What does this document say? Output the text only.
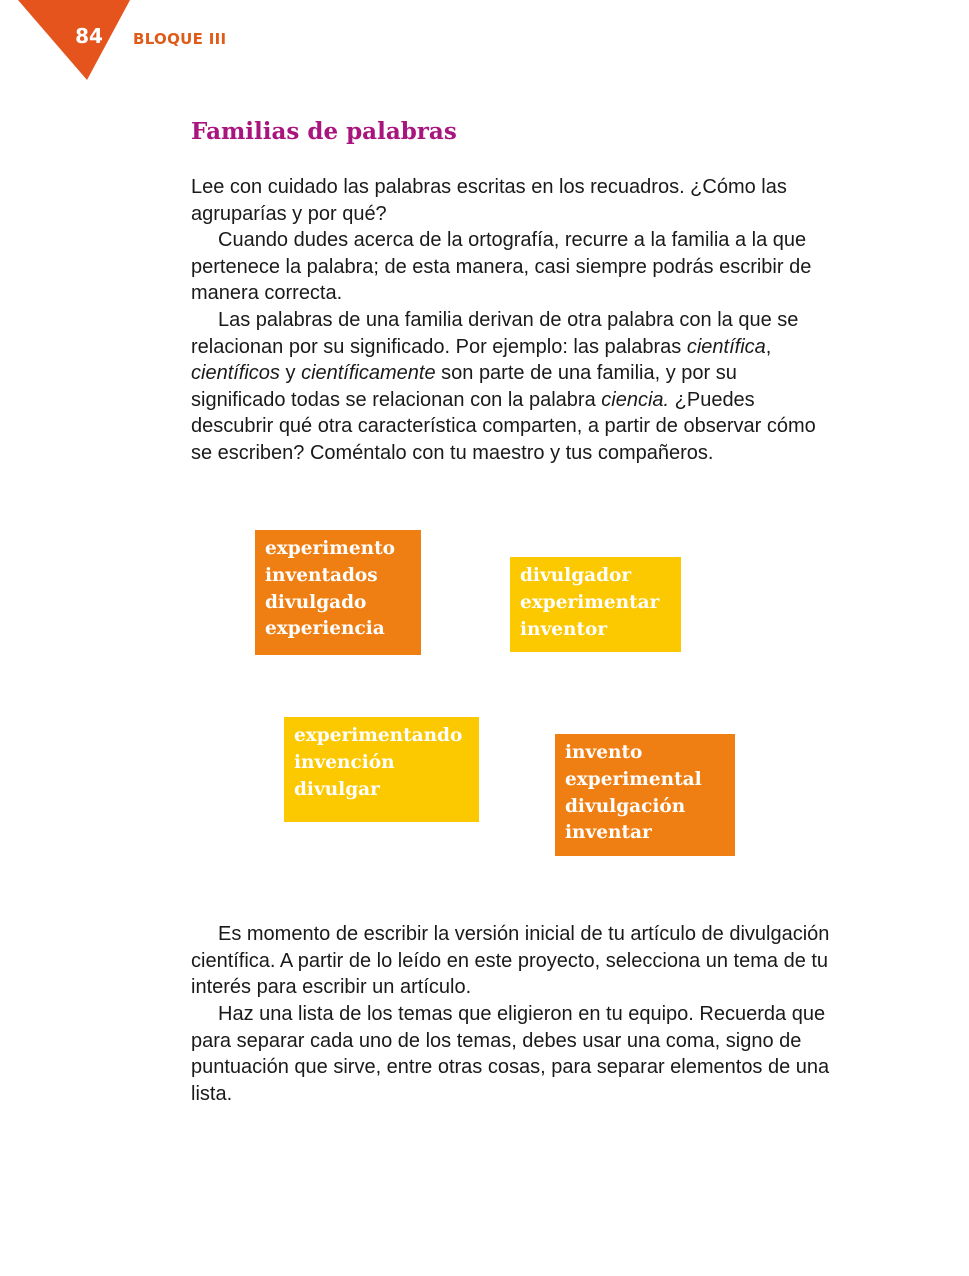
84	BLOQUE III
Familias de palabras

Lee con cuidado las palabras escritas en los recuadros. ¿Cómo las agruparías y por qué?

Cuando dudes acerca de la ortografía, recurre a la familia a la que pertenece la palabra; de esta manera, casi siempre podrás escribir de manera correcta.

Las palabras de una familia derivan de otra palabra con la que se relacionan por su significado. Por ejemplo: las palabras científica, científicos y científicamente son parte de una familia, y por su significado todas se relacionan con la palabra ciencia. ¿Puedes descubrir qué otra característica comparten, a partir de observar cómo se escriben? Coméntalo con tu maestro y tus compañeros.

experimento
inventados
divulgado
experiencia
divulgador
experimentar
inventor
experimentando
invención
divulgar
invento
experimental
divulgación
inventar

Es momento de escribir la versión inicial de tu artículo de divulgación científica. A partir de lo leído en este proyecto, selecciona un tema de tu interés para escribir un artículo.

Haz una lista de los temas que eligieron en tu equipo. Recuerda que para separar cada uno de los temas, debes usar una coma, signo de puntuación que sirve, entre otras cosas, para separar elementos de una lista.
